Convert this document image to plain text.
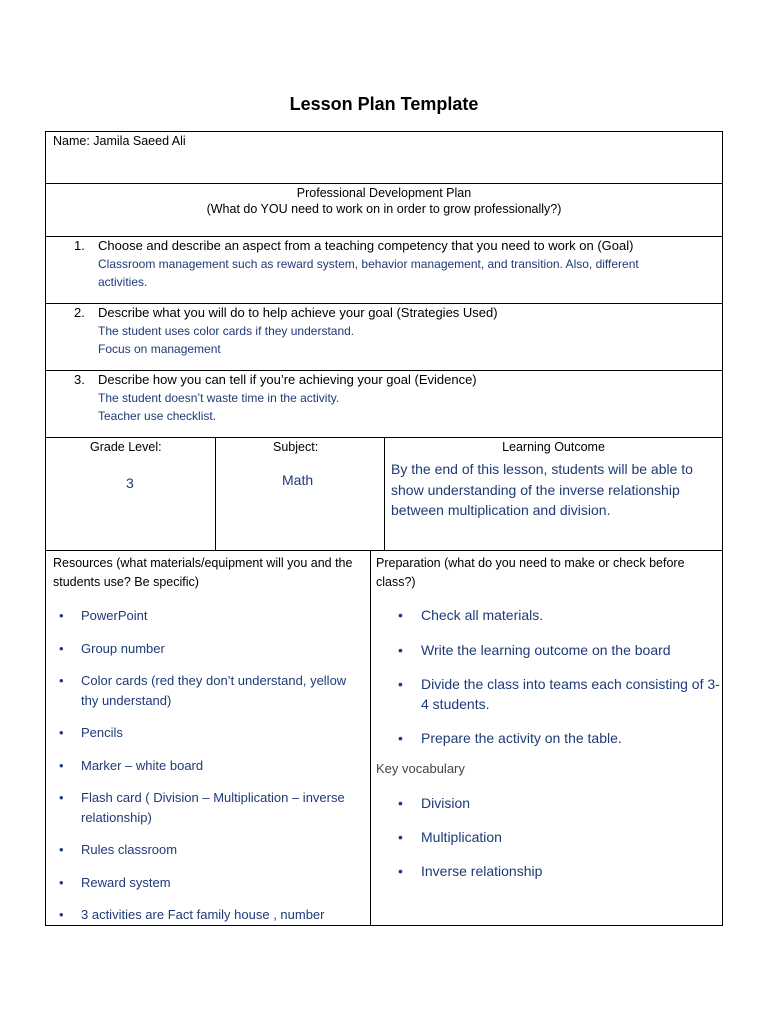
Lesson Plan Template
Name: Jamila Saeed Ali
Professional Development Plan
(What do YOU need to work on in order to grow professionally?)
1. Choose and describe an aspect from a teaching competency that you need to work on (Goal)
Classroom management such as reward system, behavior management, and transition. Also, different
activities.
2. Describe what you will do to help achieve your goal (Strategies Used)
The student uses color cards if they understand.
Focus on management
3. Describe how you can tell if you’re achieving your goal (Evidence)
The student doesn’t waste time in the activity.
Teacher use checklist.
Grade Level:
3
Subject:
Math
Learning Outcome
By the end of this lesson, students will be able to show understanding of the inverse relationship between multiplication and division.
Resources (what materials/equipment will you and the students use? Be specific)
• PowerPoint
• Group number
• Color cards (red they don’t understand, yellow thy understand)
• Pencils
• Marker – white board
• Flash card ( Division – Multiplication – inverse relationship)
• Rules classroom
• Reward system
• 3 activities are Fact family house , number
Preparation (what do you need to make or check before class?)
• Check all materials.
• Write the learning outcome on the board
• Divide the class into teams each consisting of 3-4 students.
• Prepare the activity on the table.
Key vocabulary
• Division
• Multiplication
• Inverse relationship
